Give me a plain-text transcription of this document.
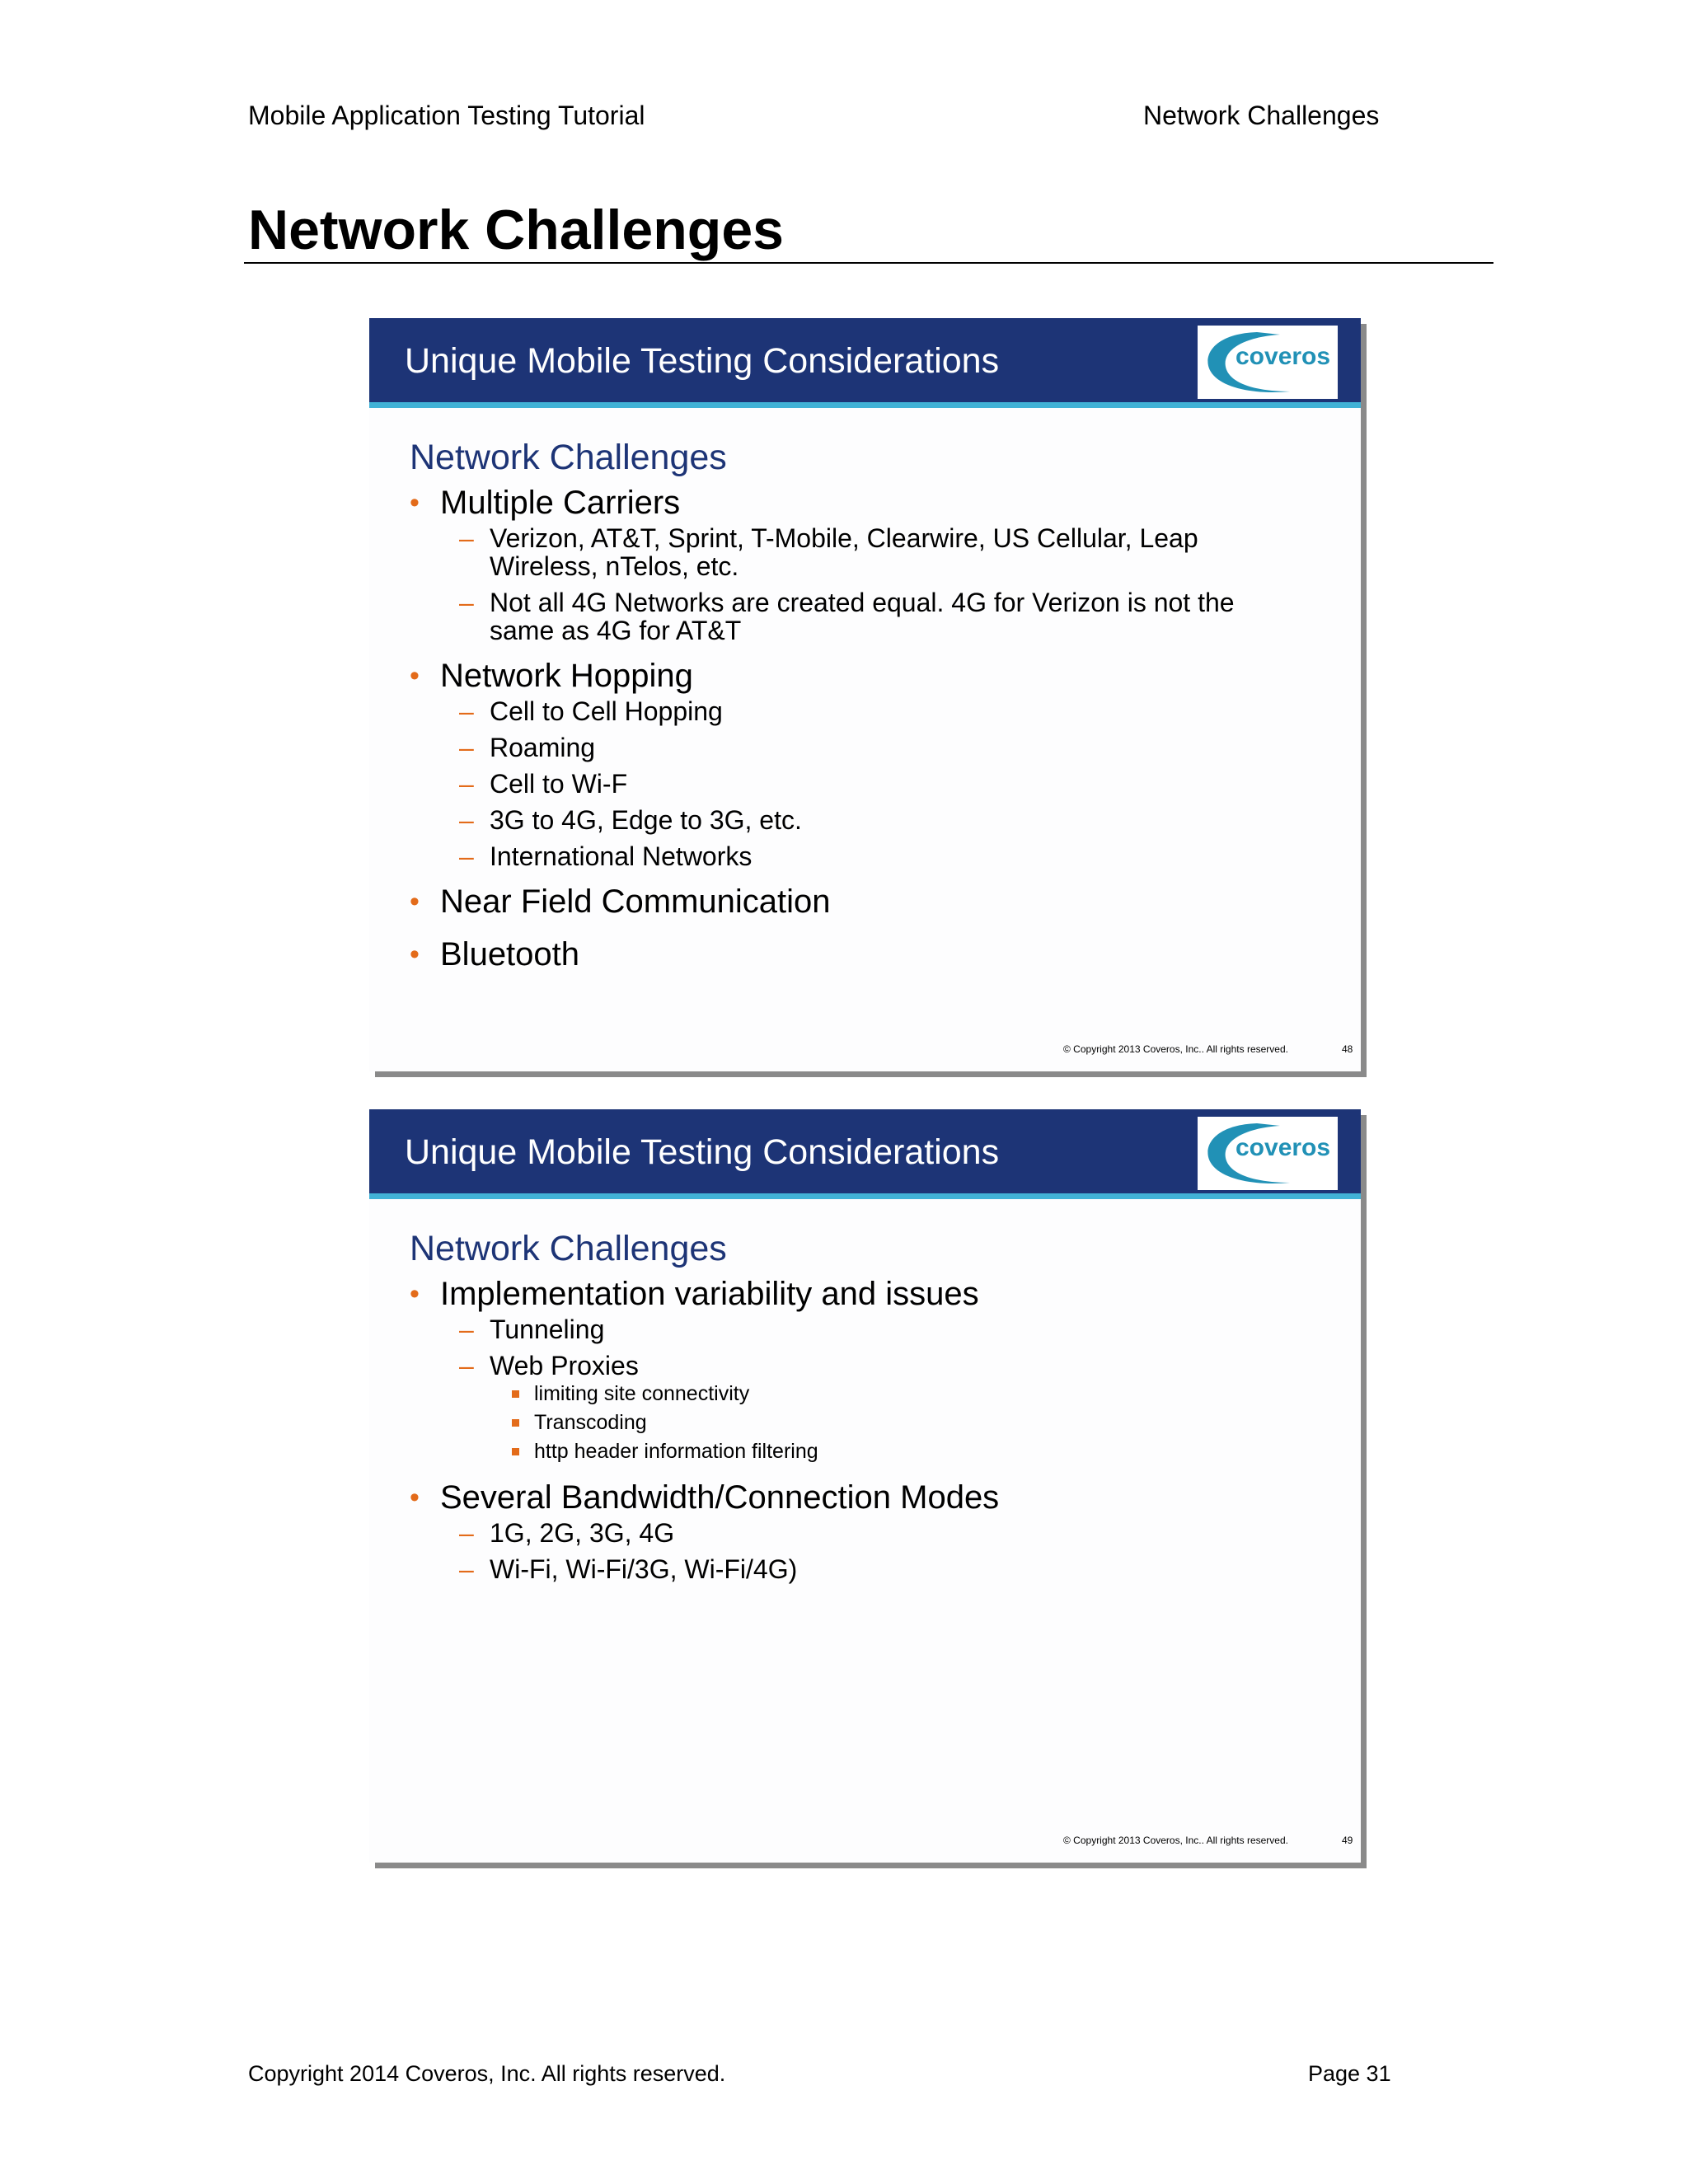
Mobile Application Testing Tutorial	Network Challenges
Network Challenges
Unique Mobile Testing Considerations	coveros
Network Challenges
• Multiple Carriers
– Verizon, AT&T, Sprint, T-Mobile, Clearwire, US Cellular, Leap
Wireless, nTelos, etc.
– Not all 4G Networks are created equal. 4G for Verizon is not the
same as 4G for AT&T
• Network Hopping
– Cell to Cell Hopping
– Roaming
– Cell to Wi-F
– 3G to 4G, Edge to 3G, etc.
– International Networks
• Near Field Communication
• Bluetooth
© Copyright 2013 Coveros, Inc.. All rights reserved.	48
Unique Mobile Testing Considerations	coveros
Network Challenges
• Implementation variability and issues
– Tunneling
– Web Proxies
limiting site connectivity
Transcoding
http header information filtering
• Several Bandwidth/Connection Modes
– 1G, 2G, 3G, 4G
– Wi-Fi, Wi-Fi/3G, Wi-Fi/4G)
© Copyright 2013 Coveros, Inc.. All rights reserved.	49
Copyright 2014 Coveros, Inc. All rights reserved.	Page 31
